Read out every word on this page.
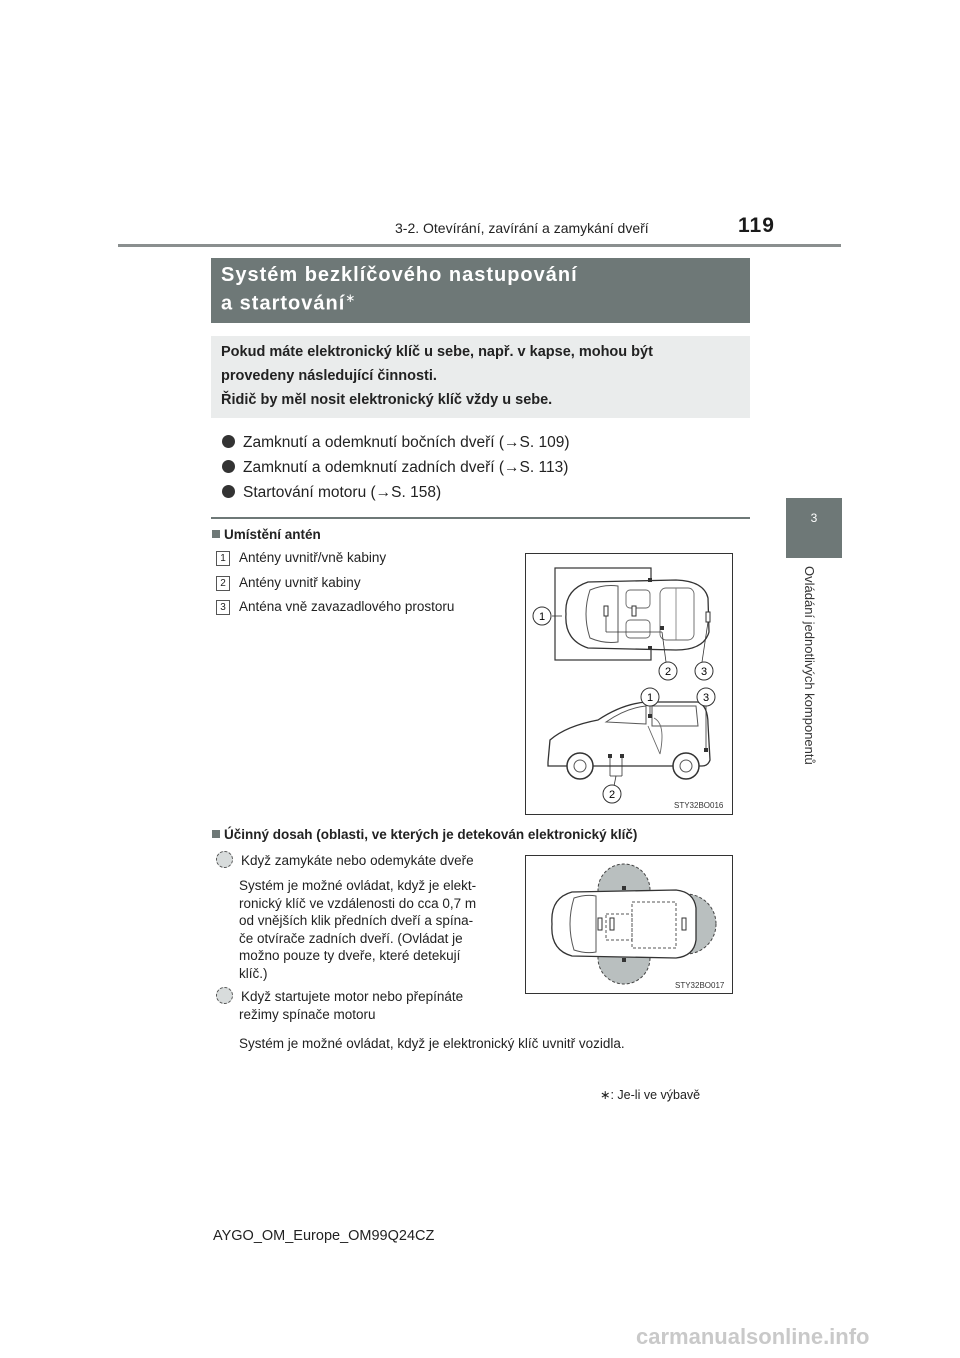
3-2. Otevírání, zavírání a zamykání dveří	119
3
Ovládání jednotlivých komponentů
Systém bezklíčového nastupování
a startování∗
Pokud máte elektronický klíč u sebe, např. v kapse, mohou být
provedeny následující činnosti.
Řidič by měl nosit elektronický klíč vždy u sebe.
Zamknutí a odemknutí bočních dveří (→S. 109)
Zamknutí a odemknutí zadních dveří (→S. 113)
Startování motoru (→S. 158)
Umístění antén
1 Antény uvnitř/vně kabiny
2 Antény uvnitř kabiny
3 Anténa vně zavazadlového prostoru
1
2	3
1	3
2
STY32BO016
Účinný dosah (oblasti, ve kterých je detekován elektronický klíč)
Když zamykáte nebo odemykáte dveře
Systém je možné ovládat, když je elekt-
ronický klíč ve vzdálenosti do cca 0,7 m
od vnějších klik předních dveří a spína-
če otvírače zadních dveří. (Ovládat je
možno pouze ty dveře, které detekují
klíč.)
Když startujete motor nebo přepínáte
režimy spínače motoru
Systém je možné ovládat, když je elektronický klíč uvnitř vozidla.
STY32BO017
∗: Je-li ve výbavě
AYGO_OM_Europe_OM99Q24CZ
carmanualsonline.info
